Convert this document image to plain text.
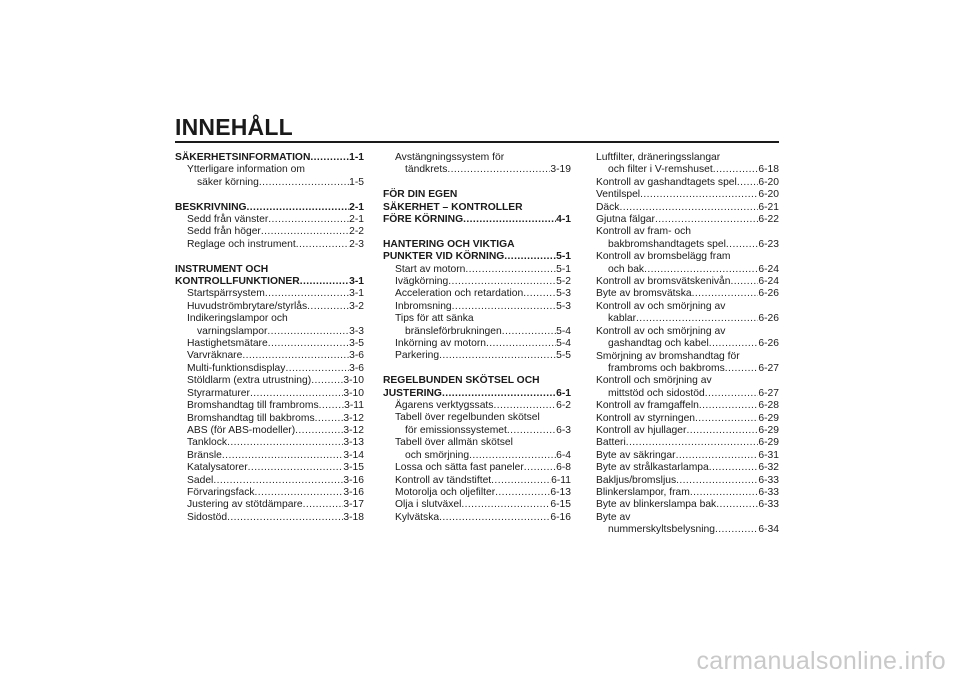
INNEHÅLL
SÄKERHETSINFORMATION .....	1-1
Ytterligare information om
säker körning .....	1-5
BESKRIVNING .....	2-1
Sedd från vänster .....	2-1
Sedd från höger .....	2-2
Reglage och instrument .....	2-3
INSTRUMENT OCH
KONTROLLFUNKTIONER .....	3-1
Startspärrsystem .....	3-1
Huvudströmbrytare/styrlås .....	3-2
Indikeringslampor och
varningslampor .....	3-3
Hastighetsmätare .....	3-5
Varvräknare .....	3-6
Multi-funktionsdisplay .....	3-6
Stöldlarm (extra utrustning) .....	3-10
Styrarmaturer .....	3-10
Bromshandtag till frambroms ..... 3-11
Bromshandtag till bakbroms .....	3-12
ABS (för ABS-modeller) .....	3-12
Tanklock .....	3-13
Bränsle .....	3-14
Katalysatorer .....	3-15
Sadel .....	3-16
Förvaringsfack .....	3-16
Justering av stötdämpare .....	3-17
Sidostöd .....	3-18
Avstängningssystem för
tändkrets .....	3-19
FÖR DIN EGEN
SÄKERHET – KONTROLLER
FÖRE KÖRNING .....	4-1
HANTERING OCH VIKTIGA
PUNKTER VID KÖRNING .....	5-1
Start av motorn .....	5-1
Ivägkörning .....	5-2
Acceleration och retardation .....	5-3
Inbromsning .....	5-3
Tips för att sänka
bränsleförbrukningen .....	5-4
Inkörning av motorn .....	5-4
Parkering .....	5-5
REGELBUNDEN SKÖTSEL OCH
JUSTERING .....	6-1
Ägarens verktygssats .....	6-2
Tabell över regelbunden skötsel
för emissionssystemet .....	6-3
Tabell över allmän skötsel
och smörjning .....	6-4
Lossa och sätta fast paneler .....	6-8
Kontroll av tändstiftet .....	6-11
Motorolja och oljefilter .....	6-13
Olja i slutväxel .....	6-15
Kylvätska .....	6-16
Luftfilter, dräneringsslangar
och filter i V-remshuset .....	6-18
Kontroll av gashandtagets spel ..... 6-20
Ventilspel .....	6-20
Däck .....	6-21
Gjutna fälgar .....	6-22
Kontroll av fram- och
bakbromshandtagets spel .....	6-23
Kontroll av bromsbelägg fram
och bak .....	6-24
Kontroll av bromsvätskenivån .....	6-24
Byte av bromsvätska .....	6-26
Kontroll av och smörjning av
kablar .....	6-26
Kontroll av och smörjning av
gashandtag och kabel .....	6-26
Smörjning av bromshandtag för
frambroms och bakbroms .....	6-27
Kontroll och smörjning av
mittstöd och sidostöd .....	6-27
Kontroll av framgaffeln .....	6-28
Kontroll av styrningen .....	6-29
Kontroll av hjullager .....	6-29
Batteri .....	6-29
Byte av säkringar .....	6-31
Byte av strålkastarlampa .....	6-32
Bakljus/bromsljus .....	6-33
Blinkerslampor, fram .....	6-33
Byte av blinkerslampa bak .....	6-33
Byte av
nummerskyltsbelysning .....	6-34
carmanualsonline.info
